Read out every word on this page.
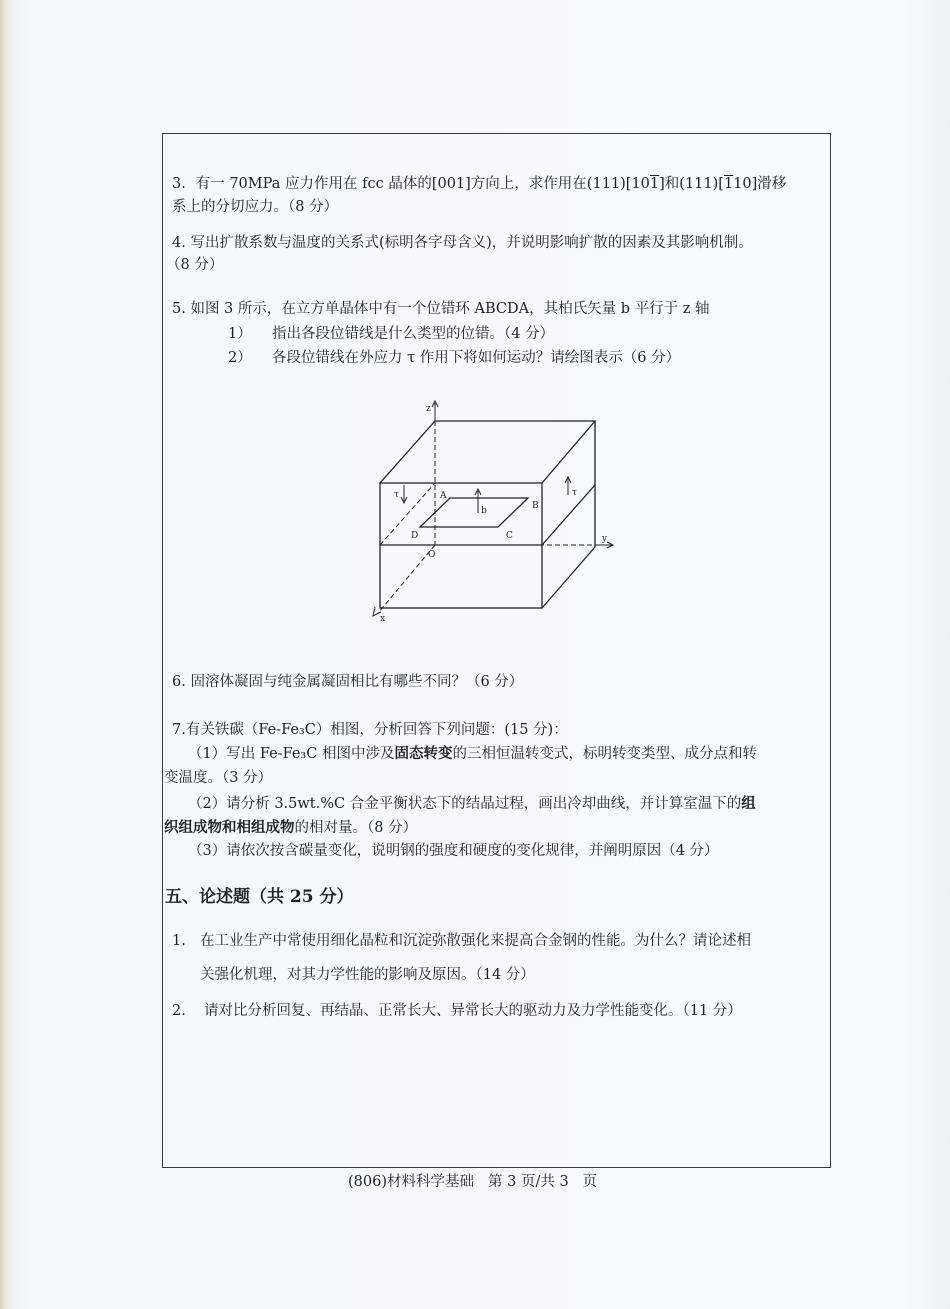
3．有一 70MPa 应力作用在 fcc 晶体的[001]方向上，求作用在(111)[101]和(111)[110]滑移
系上的分切应力。（8 分）
4. 写出扩散系数与温度的关系式(标明各字母含义)，并说明影响扩散的因素及其影响机制。
（8 分）
5. 如图 3 所示，在立方单晶体中有一个位错环 ABCDA，其柏氏矢量 b 平行于 z 轴
1） 指出各段位错线是什么类型的位错。（4 分）
2） 各段位错线在外应力 τ 作用下将如何运动？请绘图表示（6 分）
z
y
x
O
A
B
C
D
b
τ	τ
6. 固溶体凝固与纯金属凝固相比有哪些不同？（6 分）
7.有关铁碳（Fe-Fe₃C）相图，分析回答下列问题：(15 分)：
（1）写出 Fe-Fe₃C 相图中涉及固态转变的三相恒温转变式，标明转变类型、成分点和转
变温度。（3 分）
（2）请分析 3.5wt.%C 合金平衡状态下的结晶过程，画出冷却曲线，并计算室温下的组
织组成物和相组成物的相对量。（8 分）
（3）请依次按含碳量变化，说明钢的强度和硬度的变化规律，并阐明原因（4 分）
五、论述题（共 25 分）
1. 在工业生产中常使用细化晶粒和沉淀弥散强化来提高合金钢的性能。为什么？请论述相
关强化机理，对其力学性能的影响及原因。（14 分）
2. 请对比分析回复、再结晶、正常长大、异常长大的驱动力及力学性能变化。（11 分）
(806)材料科学基础 第 3 页/共 3 页
